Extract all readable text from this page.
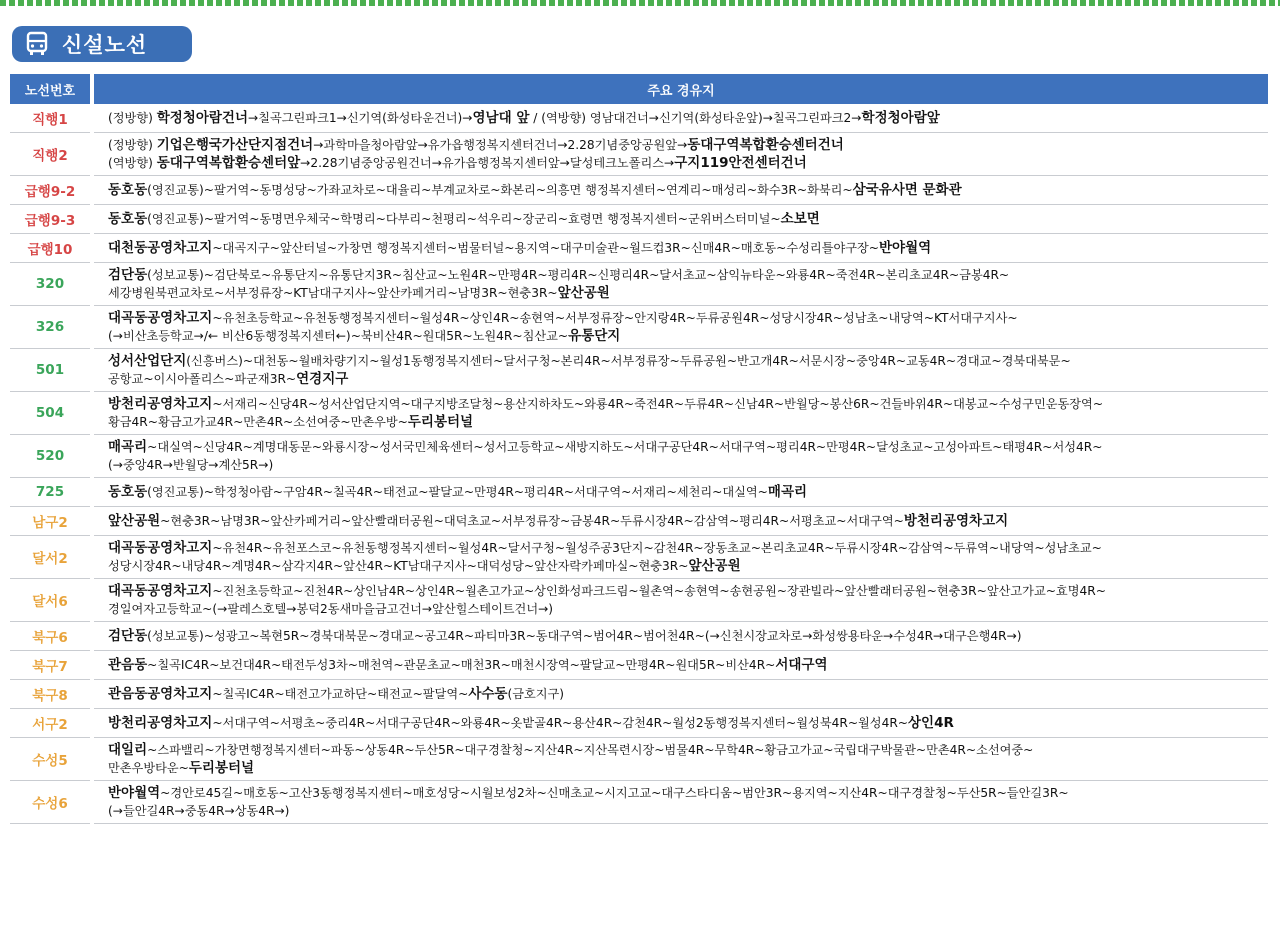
신설노선
노선번호		주요 경유지
직행1		(정방향) 학정청아람건너→칠곡그린파크1→신기역(화성타운건너)→영남대 앞 / (역방향) 영남대건너→신기역(화성타운앞)→칠곡그린파크2→학정청아람앞

직행2		(정방향) 기업은행국가산단지점건너→과학마을청아람앞→유가읍행정복지센터건너→2.28기념중앙공원앞→동대구역복합환승센터건너
(역방향) 동대구역복합환승센터앞→2.28기념중앙공원건너→유가읍행정복지센터앞→달성테크노폴리스→구지119안전센터건너

급행9-2		동호동(영진교통)~팔거역~동명성당~가좌교차로~대율리~부계교차로~화본리~의흥면 행정복지센터~연계리~매성리~화수3R~화북리~삼국유사면 문화관

급행9-3		동호동(영진교통)~팔거역~동명면우체국~학명리~다부리~천평리~석우리~장군리~효령면 행정복지센터~군위버스터미널~소보면

급행10		대천동공영차고지~대곡지구~앞산터널~가창면 행정복지센터~범물터널~용지역~대구미술관~월드컵3R~신매4R~매호동~수성리틀야구장~반야월역

320		검단동(성보교통)~검단북로~유통단지~유통단지3R~침산교~노원4R~만평4R~평리4R~신평리4R~달서초교~삼익뉴타운~와룡4R~죽전4R~본리초교4R~금봉4R~
세강병원북편교차로~서부정류장~KT남대구지사~앞산카페거리~남명3R~현충3R~앞산공원

326		대곡동공영차고지~유천초등학교~유천동행정복지센터~월성4R~상인4R~송현역~서부정류장~안지랑4R~두류공원4R~성당시장4R~성남초~내당역~KT서대구지사~
(→비산초등학교→/← 비산6동행정복지센터←)~북비산4R~원대5R~노원4R~침산교~유통단지

501		성서산업단지(신흥버스)~대천동~월배차량기지~월성1동행정복지센터~달서구청~본리4R~서부정류장~두류공원~반고개4R~서문시장~중앙4R~교동4R~경대교~경북대북문~
공항교~이시아폴리스~파군재3R~연경지구

504		방천리공영차고지~서재리~신당4R~성서산업단지역~대구지방조달청~용산지하차도~와룡4R~죽전4R~두류4R~신남4R~반월당~봉산6R~건들바위4R~대봉교~수성구민운동장역~
황금4R~황금고가교4R~만촌4R~소선여중~만촌우방~두리봉터널

520		매곡리~대실역~신당4R~계명대동문~와룡시장~성서국민체육센터~성서고등학교~새방지하도~서대구공단4R~서대구역~평리4R~만평4R~달성초교~고성아파트~태평4R~서성4R~
(→중앙4R→반월당→계산5R→)

725		동호동(영진교통)~학정청아람~구암4R~칠곡4R~태전교~팔달교~만평4R~평리4R~서대구역~서재리~세천리~대실역~매곡리

남구2		앞산공원~현충3R~남명3R~앞산카페거리~앞산빨래터공원~대덕초교~서부정류장~금봉4R~두류시장4R~감삼역~평리4R~서평초교~서대구역~방천리공영차고지

달서2		대곡동공영차고지~유천4R~유천포스코~유천동행정복지센터~월성4R~달서구청~월성주공3단지~감천4R~장동초교~본리초교4R~두류시장4R~감삼역~두류역~내당역~성남초교~
성당시장4R~내당4R~계명4R~삼각지4R~앞산4R~KT남대구지사~대덕성당~앞산자락카페마실~현충3R~앞산공원

달서6		대곡동공영차고지~진천초등학교~진천4R~상인남4R~상인4R~월촌고가교~상인화성파크드림~월촌역~송현역~송현공원~장관빌라~앞산빨래터공원~현충3R~앞산고가교~효명4R~
경일여자고등학교~(→팔레스호텔→봉덕2동새마을금고건너→앞산힐스테이트건너→)

북구6		검단동(성보교통)~성광고~복현5R~경북대북문~경대교~공고4R~파티마3R~동대구역~범어4R~범어천4R~(→신천시장교차로→화성쌍용타운→수성4R→대구은행4R→)

북구7		관음동~칠곡IC4R~보건대4R~태전두성3차~매천역~관문초교~매천3R~매천시장역~팔달교~만평4R~원대5R~비산4R~서대구역

북구8		관음동공영차고지~칠곡IC4R~태전고가교하단~태전교~팔달역~사수동(금호지구)

서구2		방천리공영차고지~서대구역~서평초~중리4R~서대구공단4R~와룡4R~옷밭골4R~용산4R~감천4R~월성2동행정복지센터~월성북4R~월성4R~상인4R

수성5		대일리~스파밸리~가창면행정복지센터~파동~상동4R~두산5R~대구경찰청~지산4R~지산목련시장~범물4R~무학4R~황금고가교~국립대구박물관~만촌4R~소선여중~
만촌우방타운~두리봉터널

수성6		반야월역~경안로45길~매호동~고산3동행정복지센터~매호성당~시월보성2차~신매초교~시지고교~대구스타디움~범안3R~용지역~지산4R~대구경찰청~두산5R~들안길3R~
(→들안길4R→중동4R→상동4R→)
